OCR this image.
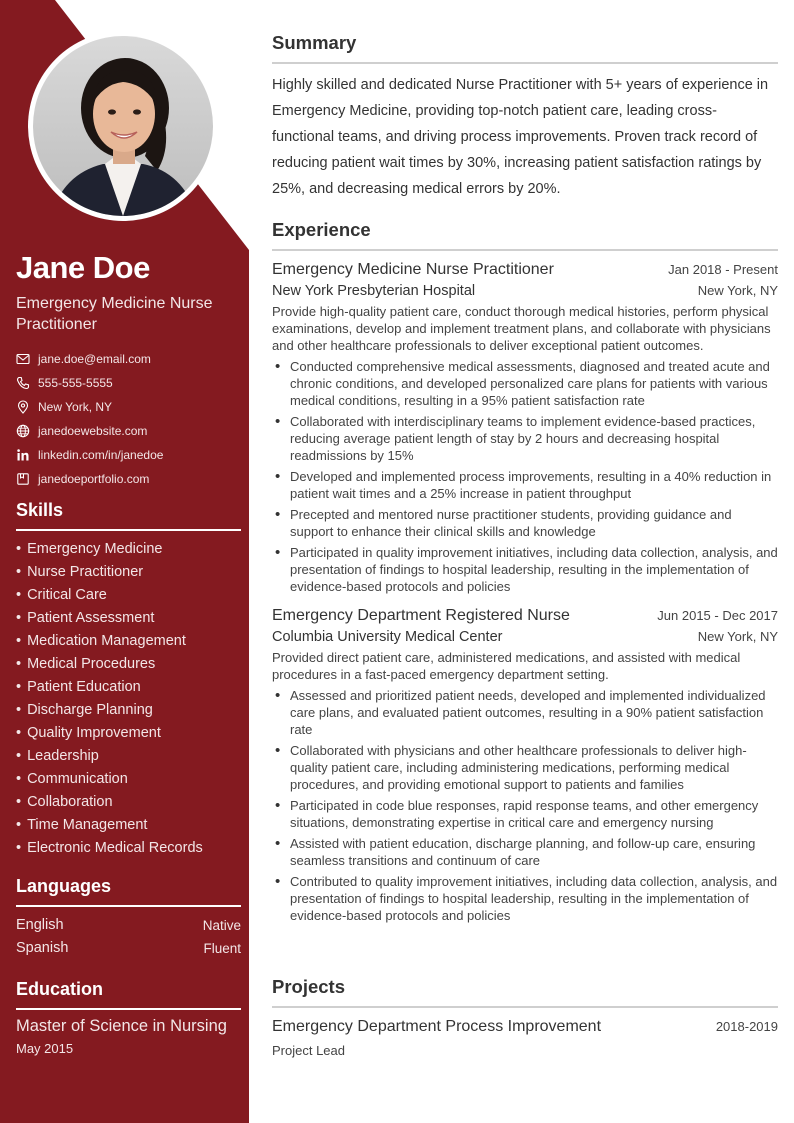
Jane Doe
Emergency Medicine Nurse Practitioner
jane.doe@email.com
555-555-5555
New York, NY
janedoewebsite.com
linkedin.com/in/janedoe
janedoeportfolio.com
Skills
• Emergency Medicine
• Nurse Practitioner
• Critical Care
• Patient Assessment
• Medication Management
• Medical Procedures
• Patient Education
• Discharge Planning
• Quality Improvement
• Leadership
• Communication
• Collaboration
• Time Management
• Electronic Medical Records
Languages
English	Native
Spanish	Fluent
Education
Master of Science in Nursing
May 2015
Summary

Highly skilled and dedicated Nurse Practitioner with 5+ years of experience in Emergency Medicine, providing top-notch patient care, leading cross-functional teams, and driving process improvements. Proven track record of reducing patient wait times by 30%, increasing patient satisfaction ratings by 25%, and decreasing medical errors by 20%.

Experience
Emergency Medicine Nurse Practitioner	Jan 2018 - Present
New York Presbyterian Hospital	New York, NY

Provide high-quality patient care, conduct thorough medical histories, perform physical examinations, develop and implement treatment plans, and collaborate with physicians and other healthcare professionals to deliver exceptional patient outcomes.

• Conducted comprehensive medical assessments, diagnosed and treated acute and chronic conditions, and developed personalized care plans for patients with various medical conditions, resulting in a 95% patient satisfaction rate
• Collaborated with interdisciplinary teams to implement evidence-based practices, reducing average patient length of stay by 2 hours and decreasing hospital readmissions by 15%
• Developed and implemented process improvements, resulting in a 40% reduction in patient wait times and a 25% increase in patient throughput
• Precepted and mentored nurse practitioner students, providing guidance and support to enhance their clinical skills and knowledge
• Participated in quality improvement initiatives, including data collection, analysis, and presentation of findings to hospital leadership, resulting in the implementation of evidence-based protocols and policies
Emergency Department Registered Nurse	Jun 2015 - Dec 2017
Columbia University Medical Center	New York, NY

Provided direct patient care, administered medications, and assisted with medical procedures in a fast-paced emergency department setting.

• Assessed and prioritized patient needs, developed and implemented individualized care plans, and evaluated patient outcomes, resulting in a 90% patient satisfaction rate
• Collaborated with physicians and other healthcare professionals to deliver high-quality patient care, including administering medications, performing medical procedures, and providing emotional support to patients and families
• Participated in code blue responses, rapid response teams, and other emergency situations, demonstrating expertise in critical care and emergency nursing
• Assisted with patient education, discharge planning, and follow-up care, ensuring seamless transitions and continuum of care
• Contributed to quality improvement initiatives, including data collection, analysis, and presentation of findings to hospital leadership, resulting in the implementation of evidence-based protocols and policies
Projects
Emergency Department Process Improvement	2018-2019
Project Lead
